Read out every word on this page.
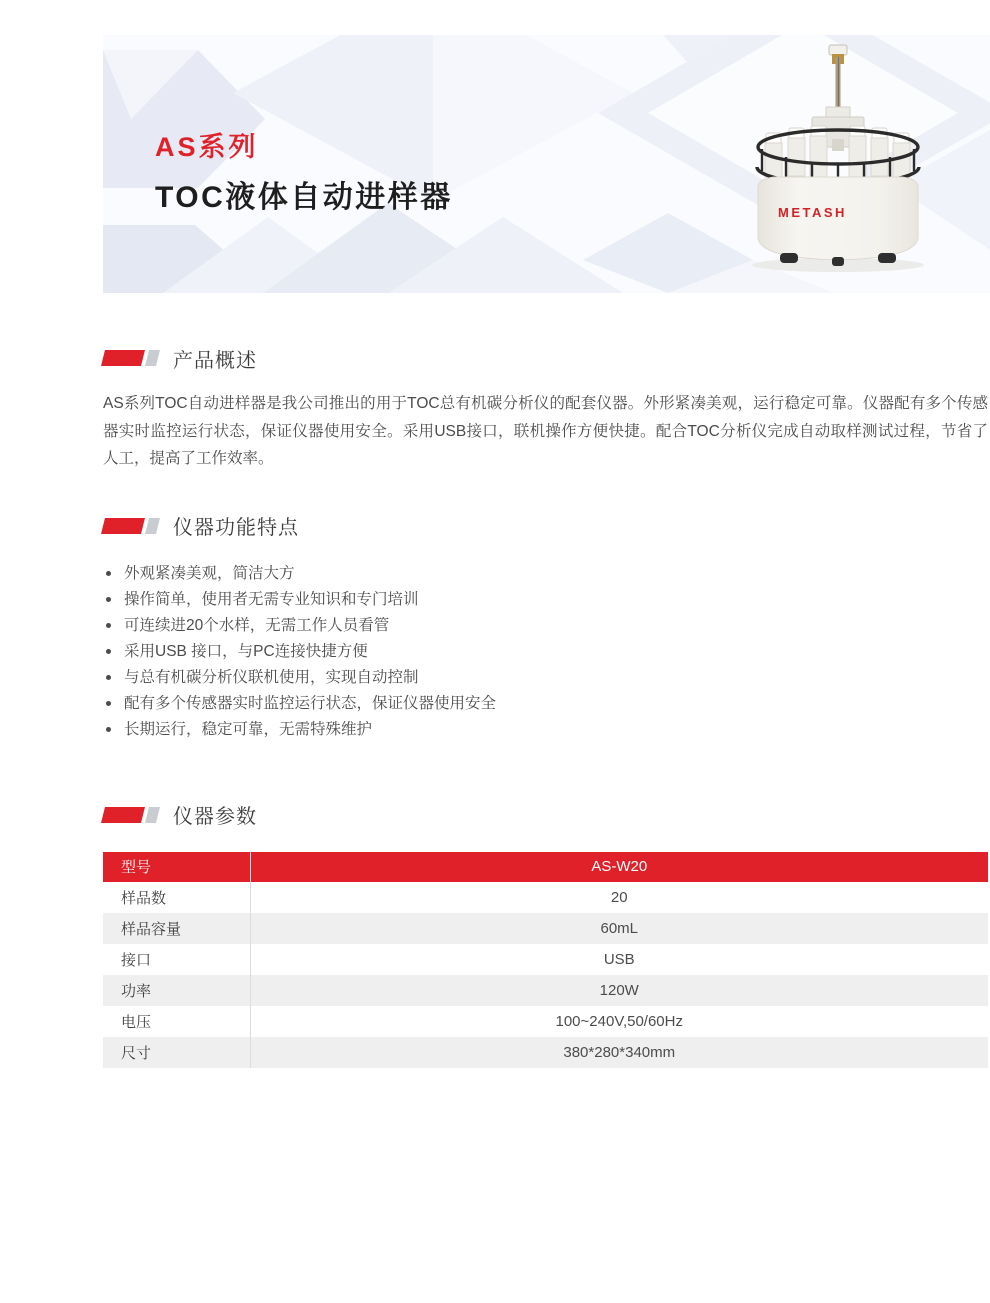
AS系列
TOC液体自动进样器	METASH
产品概述

AS系列TOC自动进样器是我公司推出的用于TOC总有机碳分析仪的配套仪器。外形紧凑美观，运行稳定可靠。仪器配有多个传感器实时监控运行状态，保证仪器使用安全。采用USB接口，联机操作方便快捷。配合TOC分析仪完成自动取样测试过程，节省了人工，提高了工作效率。

仪器功能特点
外观紧凑美观，简洁大方
操作简单，使用者无需专业知识和专门培训
可连续进20个水样，无需工作人员看管
采用USB 接口，与PC连接快捷方便
与总有机碳分析仪联机使用，实现自动控制
配有多个传感器实时监控运行状态，保证仪器使用安全
长期运行，稳定可靠，无需特殊维护
仪器参数
型号	AS-W20
样品数	20
样品容量	60mL
接口	USB
功率	120W
电压	100~240V,50/60Hz
尺寸	380*280*340mm
